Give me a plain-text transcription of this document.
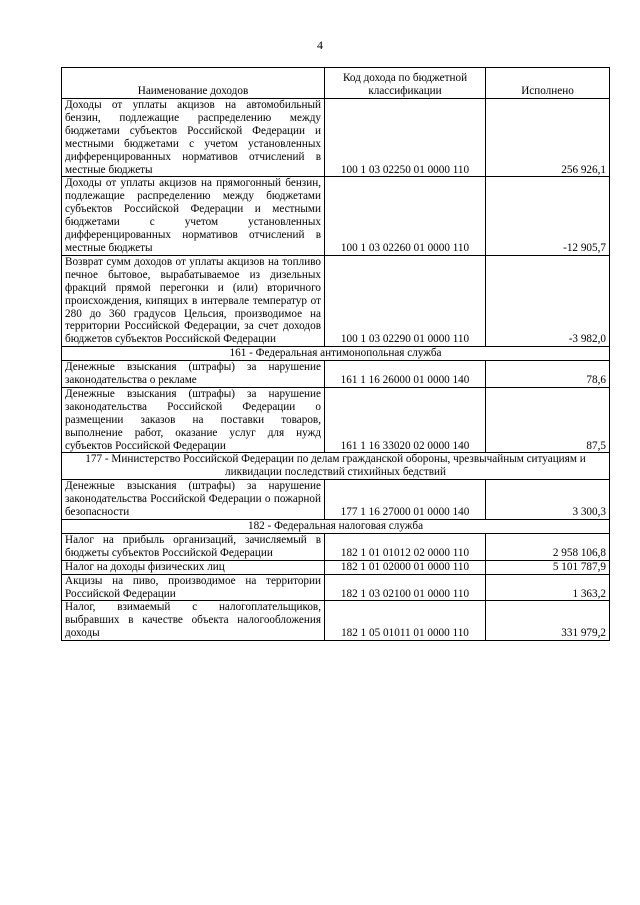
4
Наименование доходов	Код дохода по бюджетной классификации	Исполнено
Доходы от уплаты акцизов на автомобильный бензин, подлежащие распределению между бюджетами субъектов Российской Федерации и местными бюджетами с учетом установленных дифференцированных нормативов отчислений в местные бюджеты	100 1 03 02250 01 0000 110	256 926,1
Доходы от уплаты акцизов на прямогонный бензин, подлежащие распределению между бюджетами субъектов Российской Федерации и местными бюджетами с учетом установленных дифференцированных нормативов отчислений в местные бюджеты	100 1 03 02260 01 0000 110	-12 905,7
Возврат сумм доходов от уплаты акцизов на топливо печное бытовое, вырабатываемое из дизельных фракций прямой перегонки и (или) вторичного происхождения, кипящих в интервале температур от 280 до 360 градусов Цельсия, производимое на территории Российской Федерации, за счет доходов бюджетов субъектов Российской Федерации	100 1 03 02290 01 0000 110	-3 982,0
161 - Федеральная антимонопольная служба		
Денежные взыскания (штрафы) за нарушение законодательства о рекламе	161 1 16 26000 01 0000 140	78,6
Денежные взыскания (штрафы) за нарушение законодательства Российской Федерации о размещении заказов на поставки товаров, выполнение работ, оказание услуг для нужд субъектов Российской Федерации	161 1 16 33020 02 0000 140	87,5
177 - Министерство Российской Федерации по делам гражданской обороны, чрезвычайным ситуациям и ликвидации последствий стихийных бедствий		
Денежные взыскания (штрафы) за нарушение законодательства Российской Федерации о пожарной безопасности	177 1 16 27000 01 0000 140	3 300,3
182 - Федеральная налоговая служба		
Налог на прибыль организаций, зачисляемый в бюджеты субъектов Российской Федерации	182 1 01 01012 02 0000 110	2 958 106,8
Налог на доходы физических лиц	182 1 01 02000 01 0000 110	5 101 787,9
Акцизы на пиво, производимое на территории Российской Федерации	182 1 03 02100 01 0000 110	1 363,2
Налог, взимаемый с налогоплательщиков, выбравших в качестве объекта налогообложения доходы	182 1 05 01011 01 0000 110	331 979,2
